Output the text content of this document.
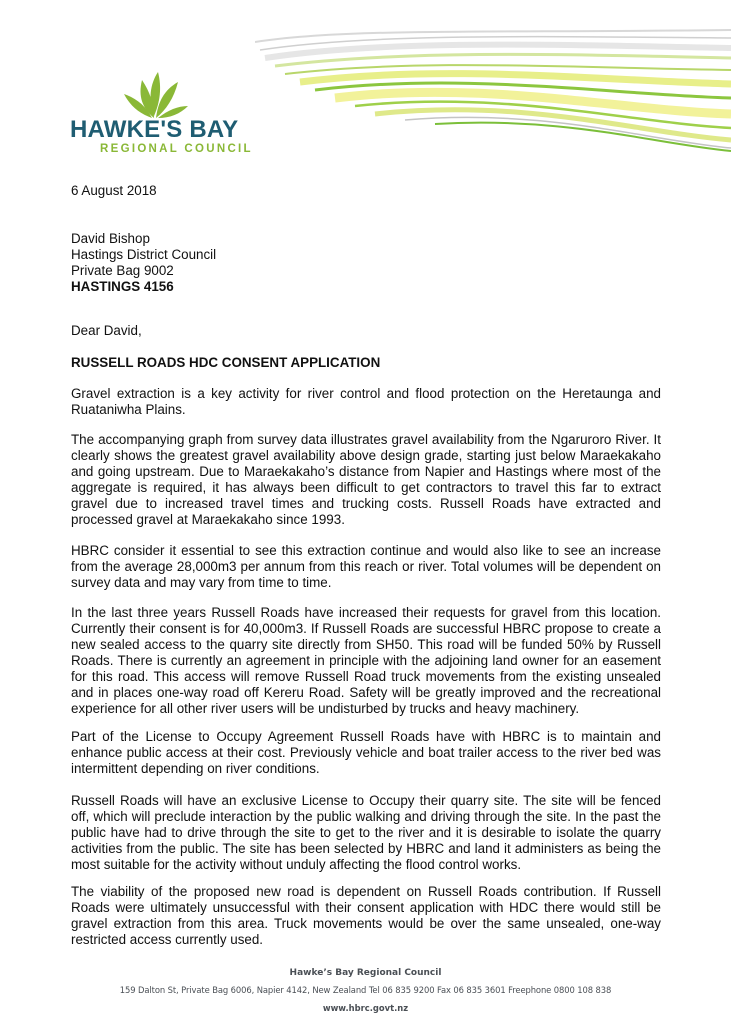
HAWKE'S BAY
REGIONAL COUNCIL

6 August 2018

David Bishop

Hastings District Council

Private Bag 9002

HASTINGS 4156

Dear David,

RUSSELL ROADS HDC CONSENT APPLICATION

Gravel extraction is a key activity for river control and flood protection on the Heretaunga and Ruataniwha Plains.

The accompanying graph from survey data illustrates gravel availability from the Ngaruroro River. It clearly shows the greatest gravel availability above design grade, starting just below Maraekakaho and going upstream. Due to Maraekakaho’s distance from Napier and Hastings where most of the aggregate is required, it has always been difficult to get contractors to travel this far to extract gravel due to increased travel times and trucking costs. Russell Roads have extracted and processed gravel at Maraekakaho since 1993.

HBRC consider it essential to see this extraction continue and would also like to see an increase from the average 28,000m3 per annum from this reach or river. Total volumes will be dependent on survey data and may vary from time to time.

In the last three years Russell Roads have increased their requests for gravel from this location. Currently their consent is for 40,000m3. If Russell Roads are successful HBRC propose to create a new sealed access to the quarry site directly from SH50. This road will be funded 50% by Russell Roads. There is currently an agreement in principle with the adjoining land owner for an easement for this road. This access will remove Russell Road truck movements from the existing unsealed and in places one-way road off Kereru Road. Safety will be greatly improved and the recreational experience for all other river users will be undisturbed by trucks and heavy machinery.

Part of the License to Occupy Agreement Russell Roads have with HBRC is to maintain and enhance public access at their cost. Previously vehicle and boat trailer access to the river bed was intermittent depending on river conditions.

Russell Roads will have an exclusive License to Occupy their quarry site. The site will be fenced off, which will preclude interaction by the public walking and driving through the site. In the past the public have had to drive through the site to get to the river and it is desirable to isolate the quarry activities from the public. The site has been selected by HBRC and land it administers as being the most suitable for the activity without unduly affecting the flood control works.

The viability of the proposed new road is dependent on Russell Roads contribution. If Russell Roads were ultimately unsuccessful with their consent application with HDC there would still be gravel extraction from this area. Truck movements would be over the same unsealed, one-way restricted access currently used.

Hawke’s Bay Regional Council
159 Dalton St, Private Bag 6006, Napier 4142, New Zealand Tel 06 835 9200 Fax 06 835 3601 Freephone 0800 108 838
www.hbrc.govt.nz
